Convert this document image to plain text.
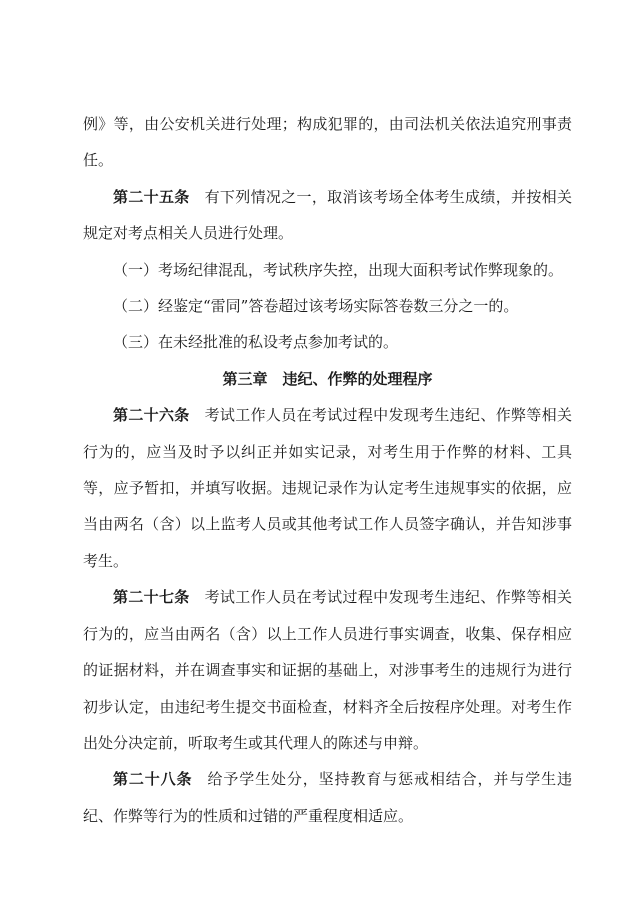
例》等，由公安机关进行处理；构成犯罪的，由司法机关依法追究刑事责任。

第二十五条 有下列情况之一，取消该考场全体考生成绩，并按相关规定对考点相关人员进行处理。

（一）考场纪律混乱，考试秩序失控，出现大面积考试作弊现象的。

（二）经鉴定“雷同”答卷超过该考场实际答卷数三分之一的。

（三）在未经批准的私设考点参加考试的。

第三章　违纪、作弊的处理程序

第二十六条 考试工作人员在考试过程中发现考生违纪、作弊等相关行为的，应当及时予以纠正并如实记录，对考生用于作弊的材料、工具等，应予暂扣，并填写收据。违规记录作为认定考生违规事实的依据，应当由两名（含）以上监考人员或其他考试工作人员签字确认，并告知涉事考生。

第二十七条 考试工作人员在考试过程中发现考生违纪、作弊等相关行为的，应当由两名（含）以上工作人员进行事实调查，收集、保存相应的证据材料，并在调查事实和证据的基础上，对涉事考生的违规行为进行初步认定，由违纪考生提交书面检查，材料齐全后按程序处理。对考生作出处分决定前，听取考生或其代理人的陈述与申辩。

第二十八条 给予学生处分，坚持教育与惩戒相结合，并与学生违纪、作弊等行为的性质和过错的严重程度相适应。
